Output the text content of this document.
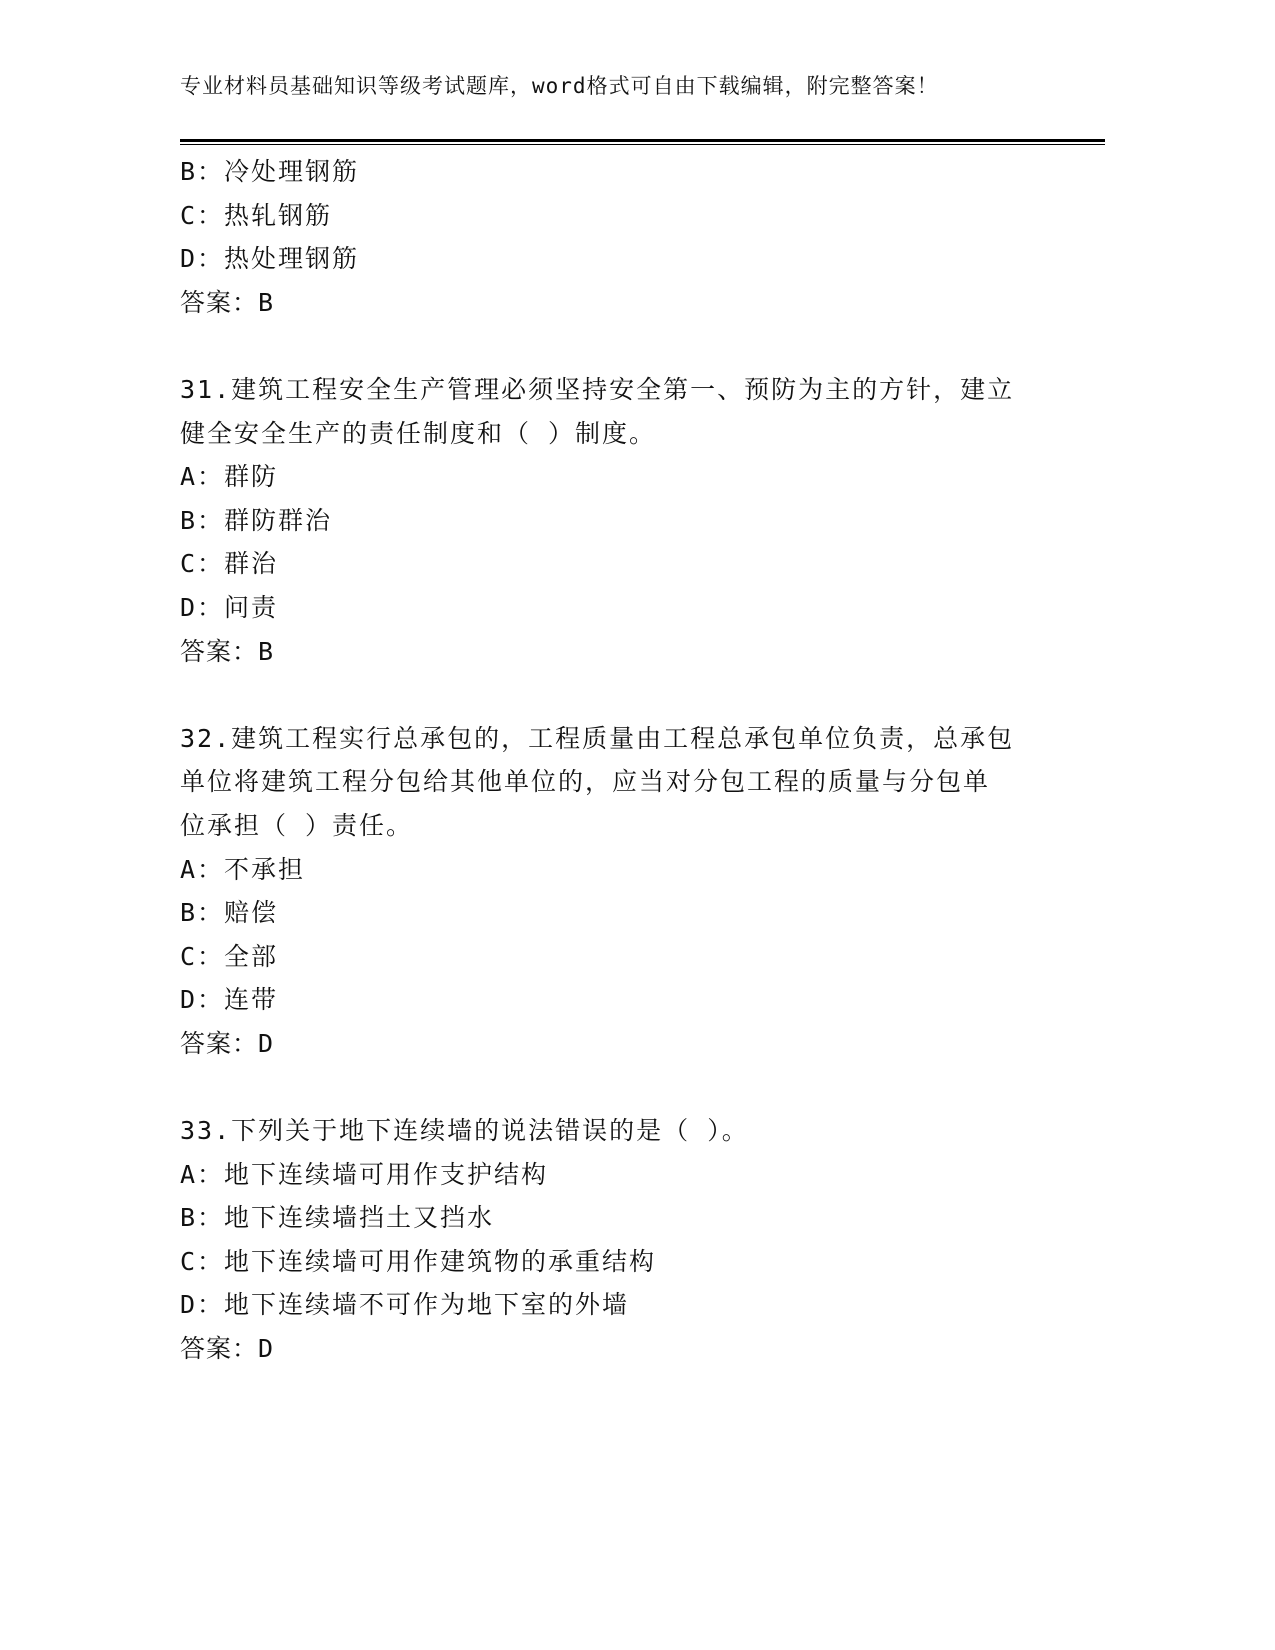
专业材料员基础知识等级考试题库，word格式可自由下载编辑，附完整答案！
B：冷处理钢筋
C：热轧钢筋
D：热处理钢筋
答案：B
31.建筑工程安全生产管理必须坚持安全第一、预防为主的方针，建立
健全安全生产的责任制度和（ ）制度。
A：群防
B：群防群治
C：群治
D：问责
答案：B
32.建筑工程实行总承包的，工程质量由工程总承包单位负责，总承包
单位将建筑工程分包给其他单位的，应当对分包工程的质量与分包单
位承担（ ）责任。
A：不承担
B：赔偿
C：全部
D：连带
答案：D
33.下列关于地下连续墙的说法错误的是（ ）。
A：地下连续墙可用作支护结构
B：地下连续墙挡土又挡水
C：地下连续墙可用作建筑物的承重结构
D：地下连续墙不可作为地下室的外墙
答案：D
